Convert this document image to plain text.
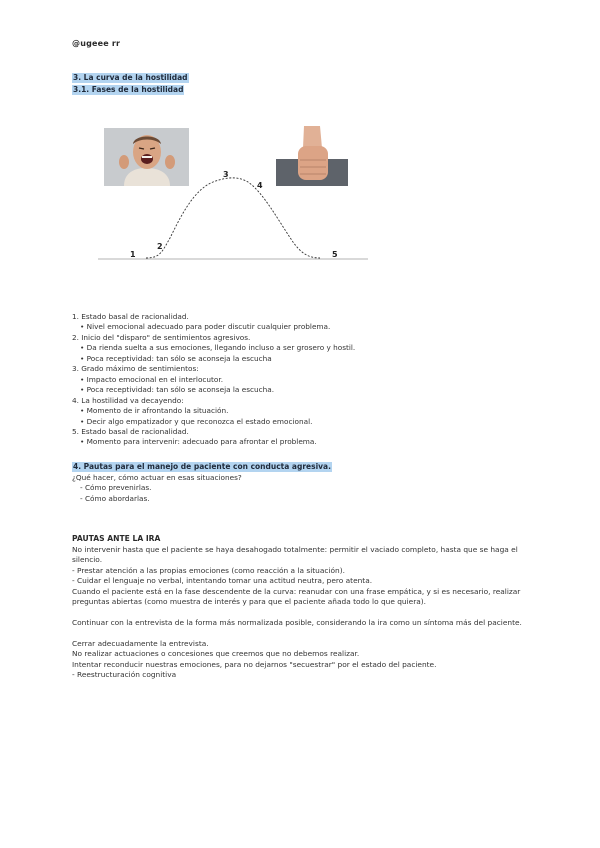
@ugeee rr
3. La curva de la hostilidad
3.1. Fases de la hostilidad
1
2
3
4
5
1. Estado basal de racionalidad.
• Nivel emocional adecuado para poder discutir cualquier problema.
2. Inicio del "disparo" de sentimientos agresivos.
• Da rienda suelta a sus emociones, llegando incluso a ser grosero y hostil.
• Poca receptividad: tan sólo se aconseja la escucha
3. Grado máximo de sentimientos:
• Impacto emocional en el interlocutor.
• Poca receptividad: tan sólo se aconseja la escucha.
4. La hostilidad va decayendo:
• Momento de ir afrontando la situación.
• Decir algo empatizador y que reconozca el estado emocional.
5. Estado basal de racionalidad.
• Momento para intervenir: adecuado para afrontar el problema.
4. Pautas para el manejo de paciente con conducta agresiva.
¿Qué hacer, cómo actuar en esas situaciones?
- Cómo prevenirlas.
- Cómo abordarlas.
PAUTAS ANTE LA IRA
No intervenir hasta que el paciente se haya desahogado totalmente: permitir el vaciado completo, hasta que se haga el silencio.
- Prestar atención a las propias emociones (como reacción a la situación).
- Cuidar el lenguaje no verbal, intentando tomar una actitud neutra, pero atenta.
Cuando el paciente está en la fase descendente de la curva: reanudar con una frase empática, y si es necesario, realizar preguntas abiertas (como muestra de interés y para que el paciente añada todo lo que quiera).
Continuar con la entrevista de la forma más normalizada posible, considerando la ira como un síntoma más del paciente.
Cerrar adecuadamente la entrevista.
No realizar actuaciones o concesiones que creemos que no debemos realizar.
Intentar reconducir nuestras emociones, para no dejarnos "secuestrar" por el estado del paciente.
- Reestructuración cognitiva
